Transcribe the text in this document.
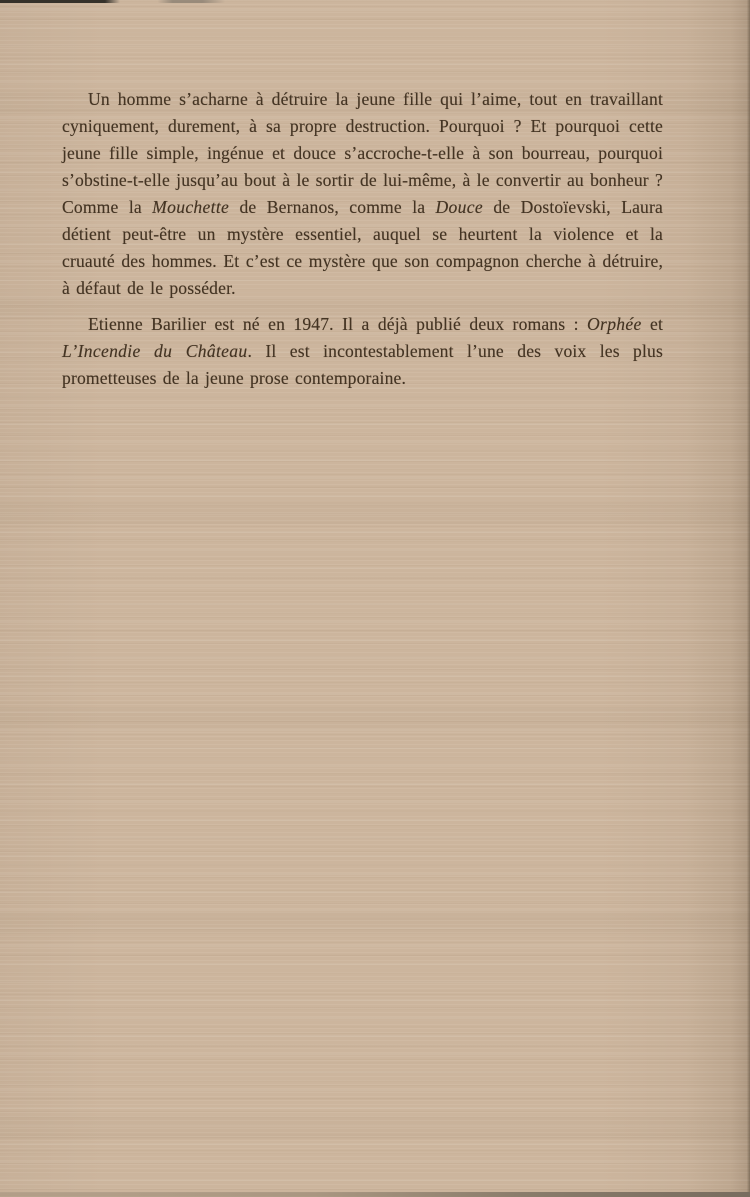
Un homme s’acharne à détruire la jeune fille qui l’aime, tout en travaillant cyniquement, durement, à sa propre destruction. Pourquoi ? Et pourquoi cette jeune fille simple, ingénue et douce s’accroche-t-elle à son bourreau, pourquoi s’obstine-t-elle jusqu’au bout à le sortir de lui-même, à le convertir au bonheur ? Comme la Mouchette de Bernanos, comme la Douce de Dostoïevski, Laura détient peut-être un mystère essentiel, auquel se heurtent la violence et la cruauté des hommes. Et c’est ce mystère que son compagnon cherche à détruire, à défaut de le posséder.

Etienne Barilier est né en 1947. Il a déjà publié deux romans : Orphée et L’Incendie du Château. Il est incontestablement l’une des voix les plus prometteuses de la jeune prose contemporaine.
